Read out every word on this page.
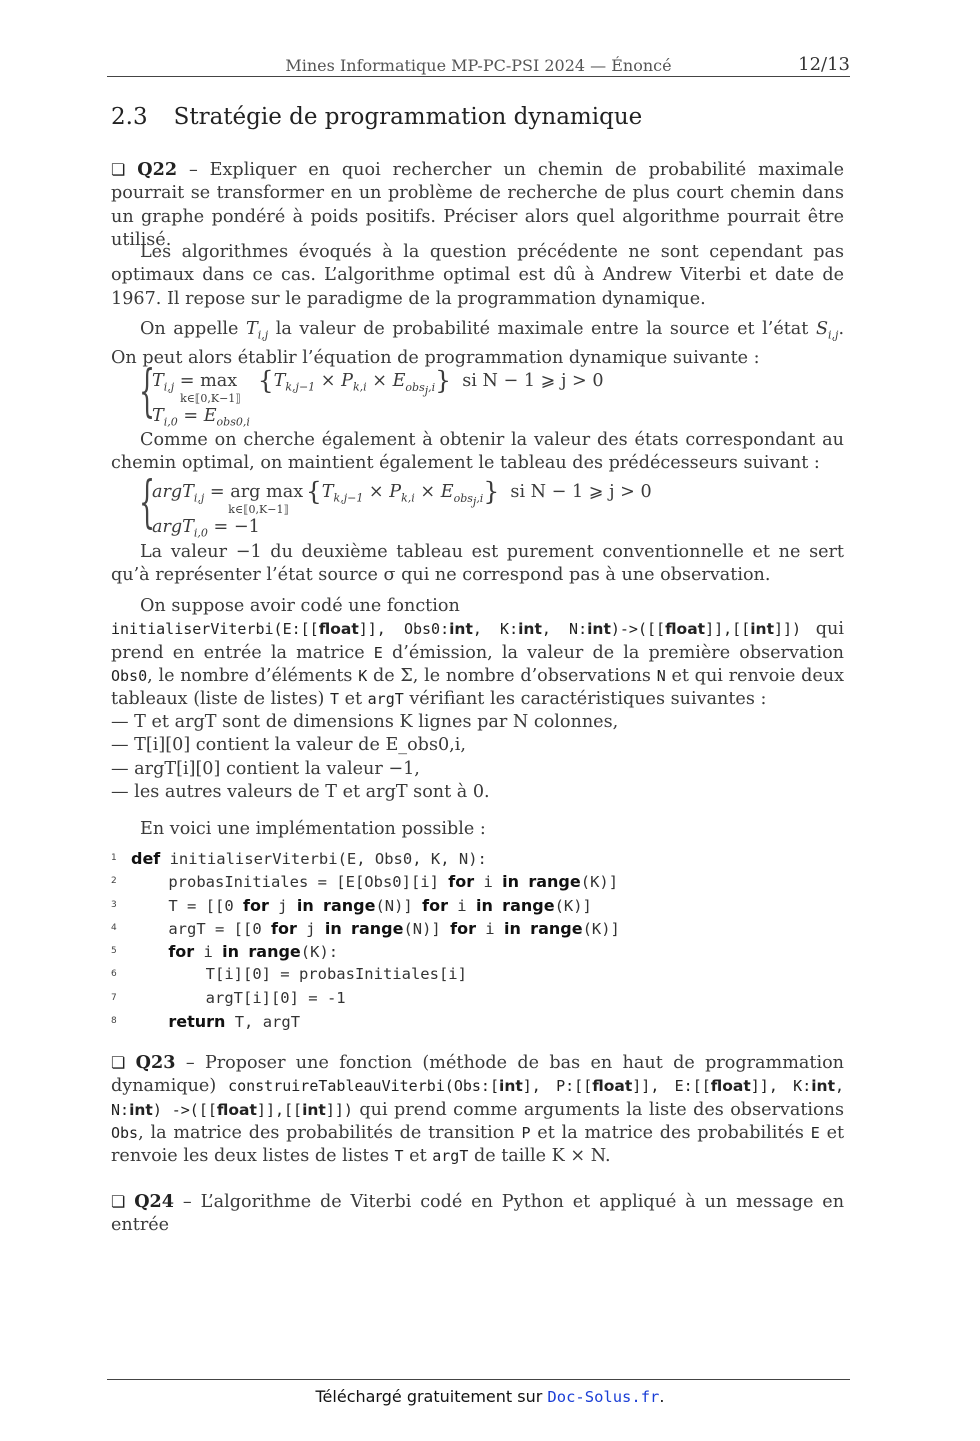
Mines Informatique MP-PC-PSI 2024 — Énoncé	12/13
2.3 Stratégie de programmation dynamique
❏ Q22 – Expliquer en quoi rechercher un chemin de probabilité maximale pourrait se transformer en un problème de recherche de plus court chemin dans un graphe pondéré à poids positifs. Préciser alors quel algorithme pourrait être utilisé.
Les algorithmes évoqués à la question précédente ne sont cependant pas optimaux dans ce cas. L’algorithme optimal est dû à Andrew Viterbi et date de 1967. Il repose sur le paradigme de la programmation dynamique.
On appelle $T_{i,j}$ la valeur de probabilité maximale entre la source et l’état $S_{i,j}$. On peut alors établir l’équation de programmation dynamique suivante :
{
$T_{i,j} = \max$
k∈⟦0,K−1⟧
$\{T_{k,j-1} \times P_{k,i} \times E_{obs_j,i}\}$ si N − 1 ⩾ j > 0
$T_{i,0} = E_{obs0,i}$
Comme on cherche également à obtenir la valeur des états correspondant au chemin optimal, on maintient également le tableau des prédécesseurs suivant :
{
argT$_{i,j}$ = arg max
k∈⟦0,K−1⟧
$\{T_{k,j-1} \times P_{k,i} \times E_{obs_j,i}\}$ si N − 1 ⩾ j > 0
argT$_{i,0}$ = −1
La valeur −1 du deuxième tableau est purement conventionnelle et ne sert qu’à représenter l’état source σ qui ne correspond pas à une observation.
On suppose avoir codé une fonction
initialiserViterbi(E:[[float]], Obs0:int, K:int, N:int)->([[float]],[[int]]) qui prend en entrée la matrice E d’émission, la valeur de la première observation Obs0, le nombre d’éléments K de Σ, le nombre d’observations N et qui renvoie deux tableaux (liste de listes) T et argT vérifiant les caractéristiques suivantes :
— T et argT sont de dimensions K lignes par N colonnes,
— T[i][0] contient la valeur de E_obs0,i,
— argT[i][0] contient la valeur −1,
— les autres valeurs de T et argT sont à 0.
En voici une implémentation possible :
1 def initialiserViterbi(E, Obs0, K, N):
2 probasInitiales = [E[Obs0][i] for i in range(K)]
3 T = [[0 for j in range(N)] for i in range(K)]
4 argT = [[0 for j in range(N)] for i in range(K)]
5	for i in range(K):
6 T[i][0] = probasInitiales[i]
7 argT[i][0] = -1
8	return T, argT
❏ Q23 – Proposer une fonction (méthode de bas en haut de programmation dynamique) construireTableauViterbi(Obs:[int], P:[[float]], E:[[float]], K:int, N:int) ->([[float]],[[int]]) qui prend comme arguments la liste des observations Obs, la matrice des probabilités de transition P et la matrice des probabilités E et renvoie les deux listes de listes T et argT de taille K × N.
❏ Q24 – L’algorithme de Viterbi codé en Python et appliqué à un message en entrée
Téléchargé gratuitement sur Doc-Solus.fr.
